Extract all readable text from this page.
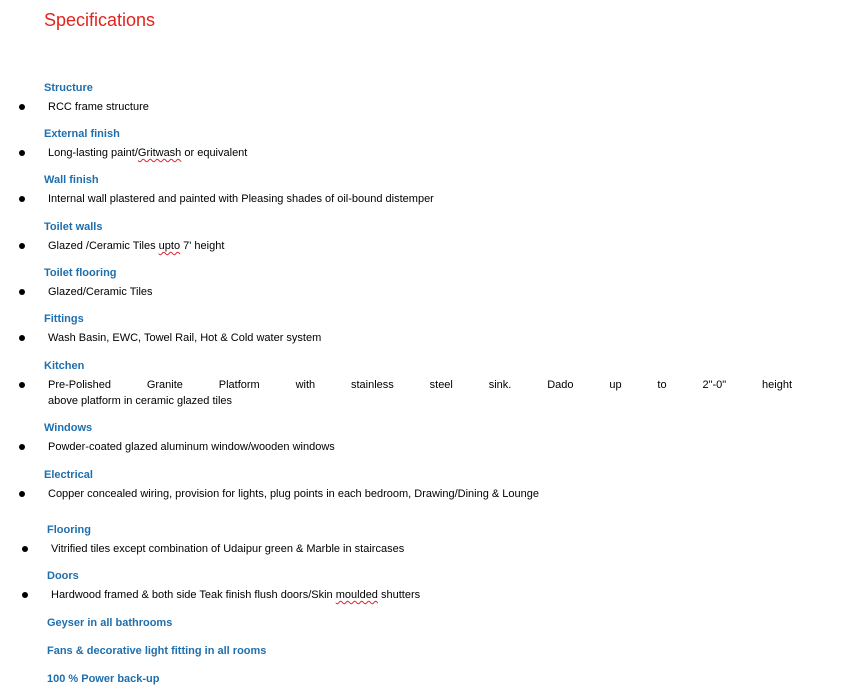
Specifications
Structure
RCC frame structure
External finish
Long-lasting paint/Gritwash or equivalent
Wall finish
Internal wall plastered and painted with Pleasing shades of oil-bound distemper
Toilet walls
Glazed /Ceramic Tiles upto 7' height
Toilet flooring
Glazed/Ceramic Tiles
Fittings
Wash Basin, EWC, Towel Rail, Hot & Cold water system
Kitchen
Pre-Polished Granite Platform with stainless steel sink. Dado up to 2"-0" height
above platform in ceramic glazed tiles
Windows
Powder-coated glazed aluminum window/wooden windows
Electrical
Copper concealed wiring, provision for lights, plug points in each bedroom, Drawing/Dining & Lounge
Flooring
Vitrified tiles except combination of Udaipur green & Marble in staircases
Doors
Hardwood framed & both side Teak finish flush doors/Skin moulded shutters
Geyser in all bathrooms
Fans & decorative light fitting in all rooms
100 % Power back-up
